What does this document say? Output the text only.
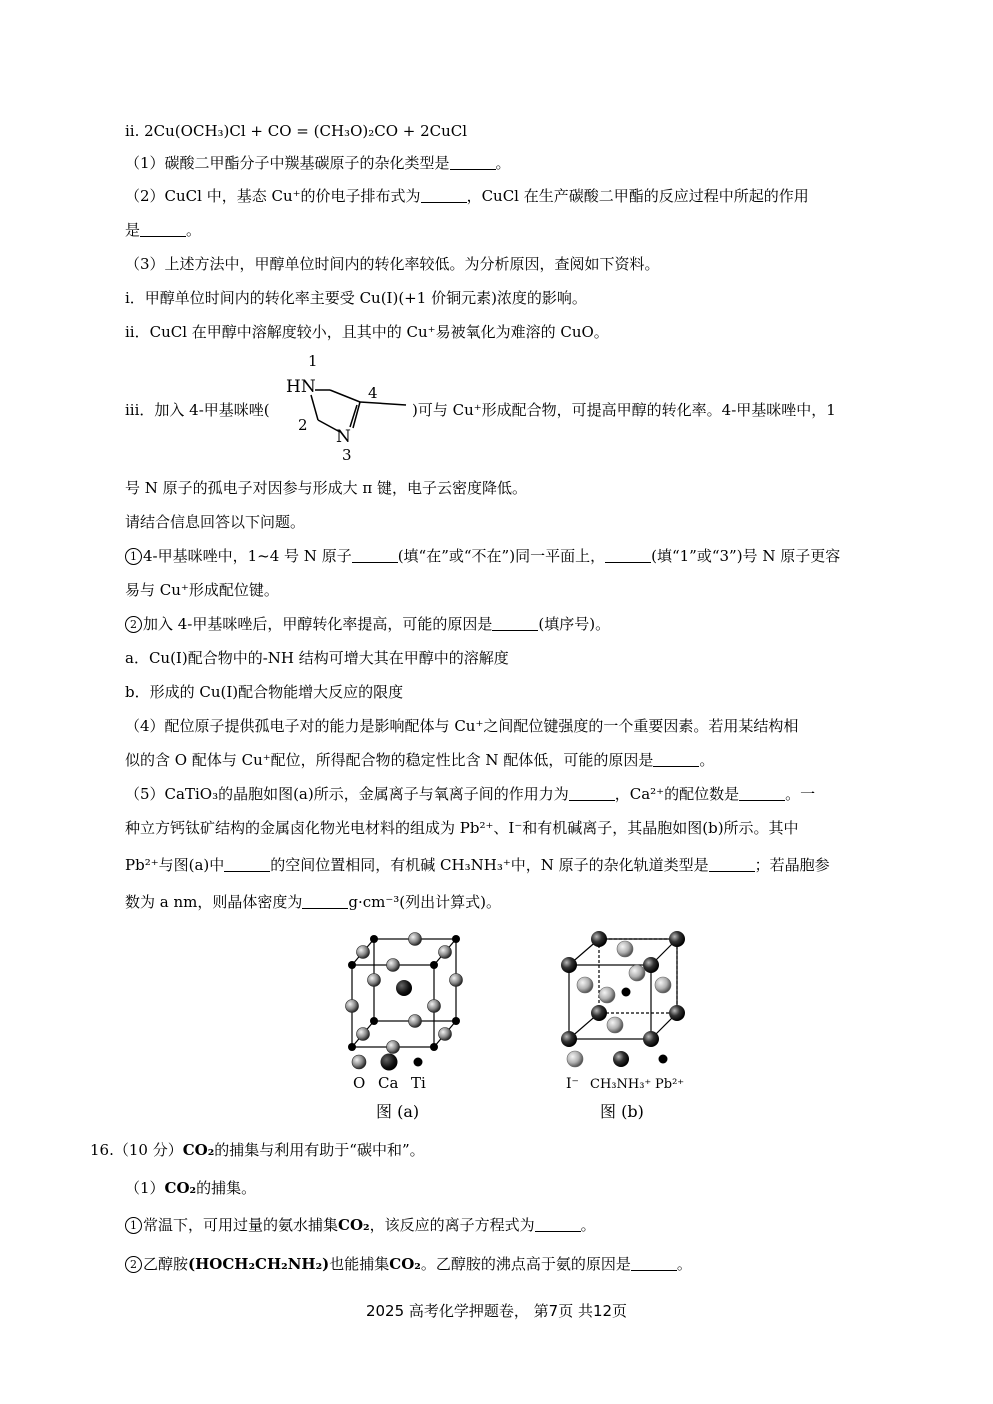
ii. 2Cu(OCH₃)Cl + CO = (CH₃O)₂CO + 2CuCl
（1）碳酸二甲酯分子中羰基碳原子的杂化类型是	。
（2）CuCl 中，基态 Cu⁺的价电子排布式为	，CuCl 在生产碳酸二甲酯的反应过程中所起的作用
是	。
（3）上述方法中，甲醇单位时间内的转化率较低。为分析原因，查阅如下资料。
i．甲醇单位时间内的转化率主要受 Cu(I)(+1 价铜元素)浓度的影响。
ii．CuCl 在甲醇中溶解度较小，且其中的 Cu⁺易被氧化为难溶的 CuO。
iii．加入 4-甲基咪唑(
HN
N
1
2
3
4
)可与 Cu⁺形成配合物，可提高甲醇的转化率。4-甲基咪唑中，1
号 N 原子的孤电子对因参与形成大 π 键，电子云密度降低。
请结合信息回答以下问题。
1 4-甲基咪唑中，1~4 号 N 原子	(填“在”或“不在”)同一平面上，	(填“1”或“3”)号 N 原子更容
易与 Cu⁺形成配位键。
2 加入 4-甲基咪唑后，甲醇转化率提高，可能的原因是	(填序号)。
a．Cu(I)配合物中的-NH 结构可增大其在甲醇中的溶解度
b．形成的 Cu(I)配合物能增大反应的限度
（4）配位原子提供孤电子对的能力是影响配体与 Cu⁺之间配位键强度的一个重要因素。若用某结构相
似的含 O 配体与 Cu⁺配位，所得配合物的稳定性比含 N 配体低，可能的原因是	。
（5）CaTiO₃的晶胞如图(a)所示，金属离子与氧离子间的作用力为	，Ca²⁺的配位数是	。一
种立方钙钛矿结构的金属卤化物光电材料的组成为 Pb²⁺、I⁻和有机碱离子，其晶胞如图(b)所示。其中
Pb²⁺与图(a)中	的空间位置相同，有机碱 CH₃NH₃⁺中，N 原子的杂化轨道类型是	；若晶胞参
数为 a nm，则晶体密度为	g·cm⁻³(列出计算式)。
O Ca Ti
图 (a)
I⁻ CH₃NH₃⁺ Pb²⁺
图 (b)
16.（10 分）CO₂的捕集与利用有助于“碳中和”。
（1）CO₂的捕集。
1 常温下，可用过量的氨水捕集CO₂，该反应的离子方程式为	。
2 乙醇胺(HOCH₂CH₂NH₂)也能捕集CO₂。乙醇胺的沸点高于氨的原因是	。
2025 高考化学押题卷， 第7页 共12页
